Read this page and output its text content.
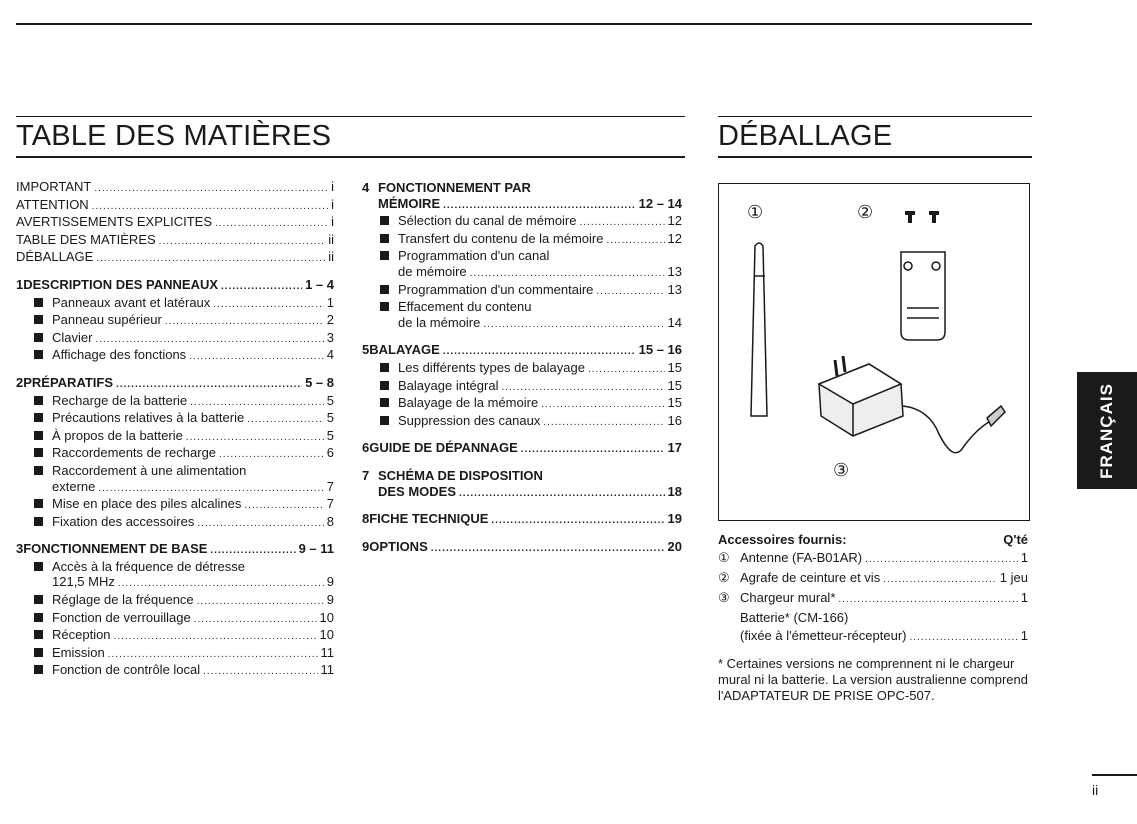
TABLE DES MATIÈRES	DÉBALLAGE
IMPORTANT .....	i
ATTENTION .....	i
AVERTISSEMENTS EXPLICITES .....	i
TABLE DES MATIÈRES .....	ii
DÉBALLAGE .....	ii
1 DESCRIPTION DES PANNEAUX .....	1 – 4
Panneaux avant et latéraux .....	1
Panneau supérieur .....	2
Clavier .....	3
Affichage des fonctions .....	4
2 PRÉPARATIFS .....	5 – 8
Recharge de la batterie .....	5
Précautions relatives à la batterie .....	5
À propos de la batterie .....	5
Raccordements de recharge .....	6
Raccordement à une alimentation
externe .....	7
Mise en place des piles alcalines .....	7
Fixation des accessoires .....	8
3 FONCTIONNEMENT DE BASE .....	9 – 11
Accès à la fréquence de détresse
121,5 MHz .....	9
Réglage de la fréquence .....	9
Fonction de verrouillage .....	10
Réception .....	10
Emission .....	11
Fonction de contrôle local .....	11
4 FONCTIONNEMENT PAR
MÉMOIRE .....	12 – 14
Sélection du canal de mémoire .....	12
Transfert du contenu de la mémoire .....	12
Programmation d'un canal
de mémoire .....	13
Programmation d'un commentaire .....	13
Effacement du contenu
de la mémoire .....	14
5 BALAYAGE .....	15 – 16
Les différents types de balayage .....	15
Balayage intégral .....	15
Balayage de la mémoire .....	15
Suppression des canaux .....	16
6 GUIDE DE DÉPANNAGE .....	17
7 SCHÉMA DE DISPOSITION
DES MODES .....	18
8 FICHE TECHNIQUE .....	19
9 OPTIONS .....	20
①	②
③	FRANÇAIS
Accessoires fournis:	Q'té
① Antenne (FA-B01AR) .....	1
② Agrafe de ceinture et vis .....	1 jeu
③ Chargeur mural* .....	1
Batterie* (CM-166)
(fixée à l'émetteur-récepteur) .....	1
* Certaines versions ne comprennent ni le chargeur mural ni la batterie. La version australienne comprend l'ADAPTATEUR DE PRISE OPC-507.
ii
